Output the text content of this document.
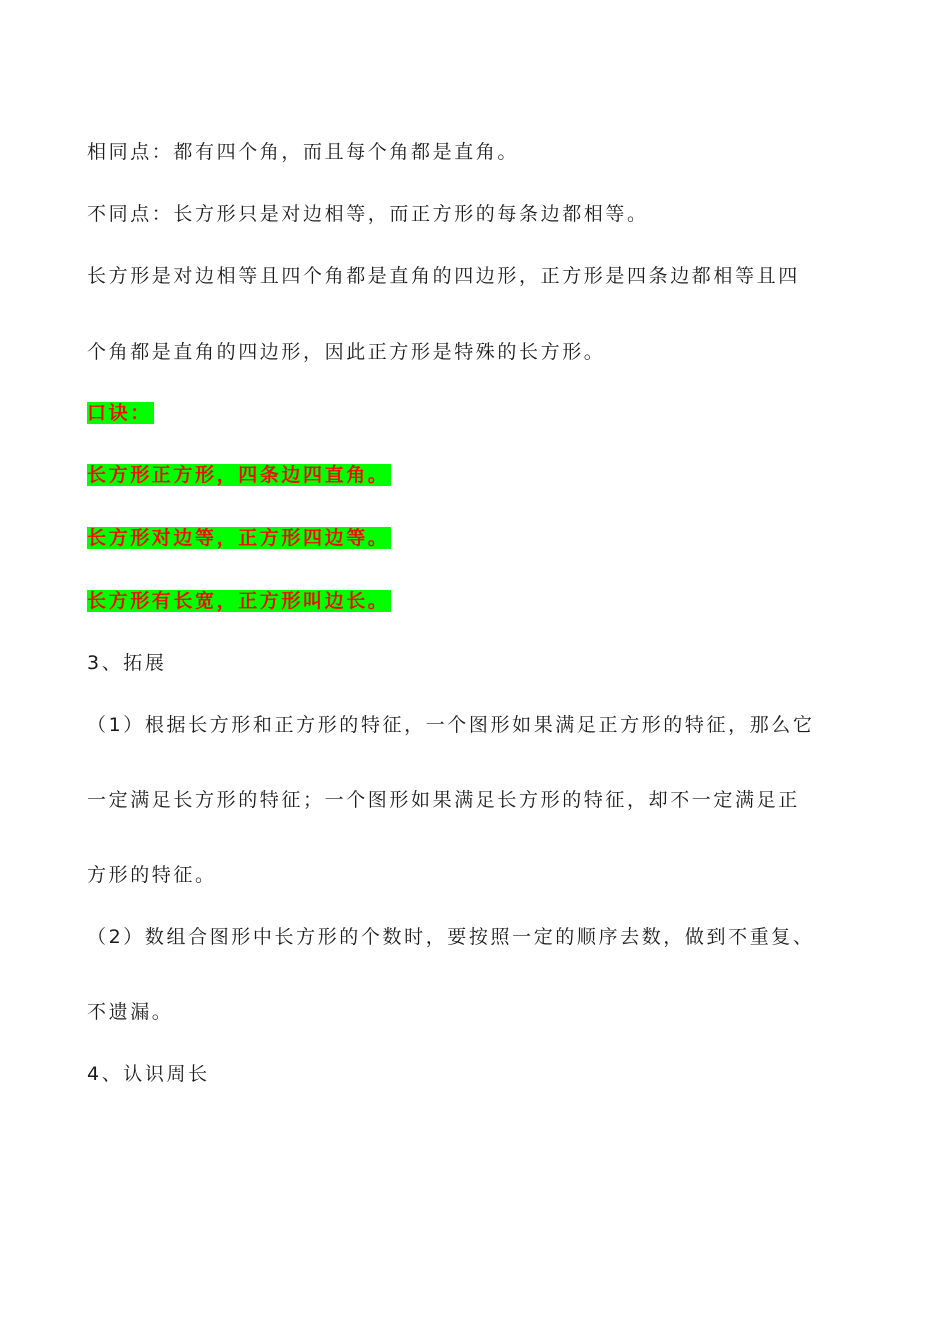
相同点：都有四个角，而且每个角都是直角。
不同点：长方形只是对边相等，而正方形的每条边都相等。
长方形是对边相等且四个角都是直角的四边形，正方形是四条边都相等且四
个角都是直角的四边形，因此正方形是特殊的长方形。
口诀：
长方形正方形，四条边四直角。
长方形对边等，正方形四边等。
长方形有长宽，正方形叫边长。
3、拓展
（1）根据长方形和正方形的特征，一个图形如果满足正方形的特征，那么它
一定满足长方形的特征；一个图形如果满足长方形的特征，却不一定满足正
方形的特征。
（2）数组合图形中长方形的个数时，要按照一定的顺序去数，做到不重复、
不遗漏。
4、认识周长
